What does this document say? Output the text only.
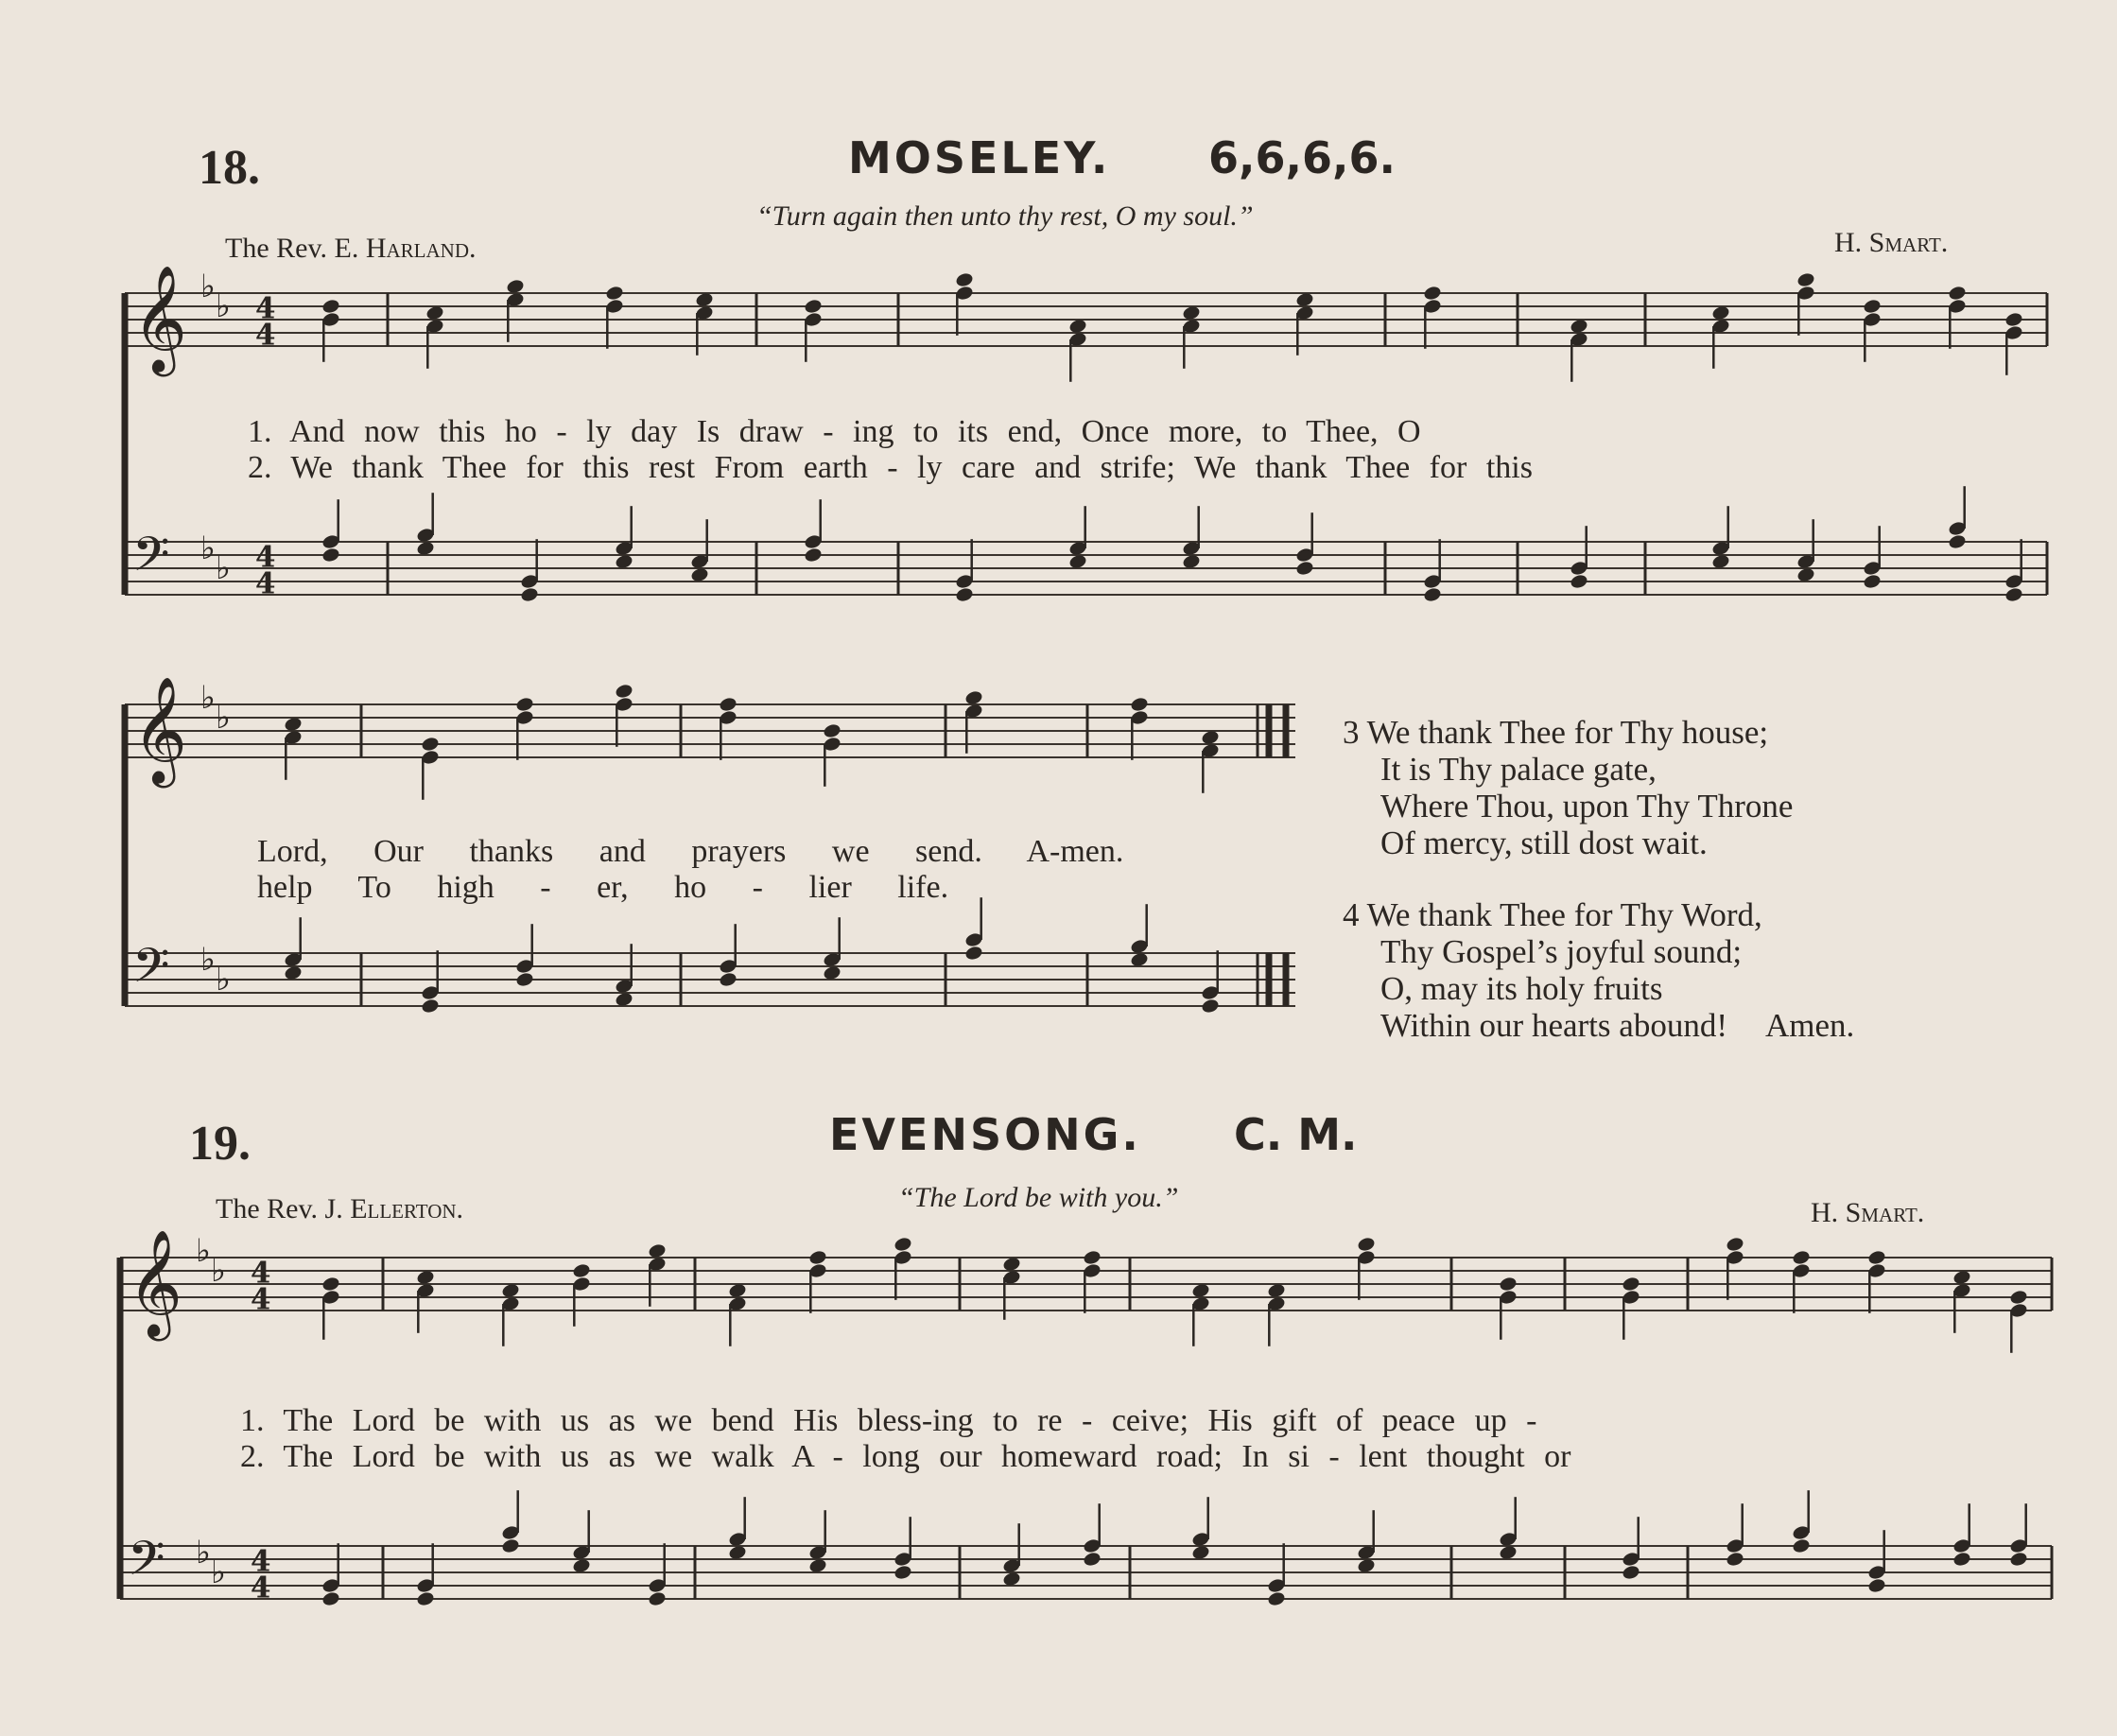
18.	MOSELEY. 6,6,6,6.
“Turn again then unto thy rest, O my soul.”
The Rev. E. Harland.	H. Smart.
𝄞 ♭
♭ 4
4
𝄢 ♭
♭ 4
4
1. And now this ho - ly day Is draw - ing to its end, Once more, to Thee, O
2. We thank Thee for this rest From earth - ly care and strife; We thank Thee for this
𝄞 ♭
♭
𝄢 ♭
♭
Lord, Our thanks and prayers we send. A-men.
help To high - er, ho - lier life.
3 We thank Thee for Thy house;
It is Thy palace gate,
Where Thou, upon Thy Throne
Of mercy, still dost wait.
4 We thank Thee for Thy Word,
Thy Gospel’s joyful sound;
O, may its holy fruits
Within our hearts abound! Amen.
19.	EVENSONG. C. M.
“The Lord be with you.”
The Rev. J. Ellerton.	H. Smart.
𝄞 ♭
♭ 4
4
𝄢 ♭
♭ 4
4
1. The Lord be with us as we bend His bless-ing to re - ceive; His gift of peace up -
2. The Lord be with us as we walk A - long our homeward road; In si - lent thought or
